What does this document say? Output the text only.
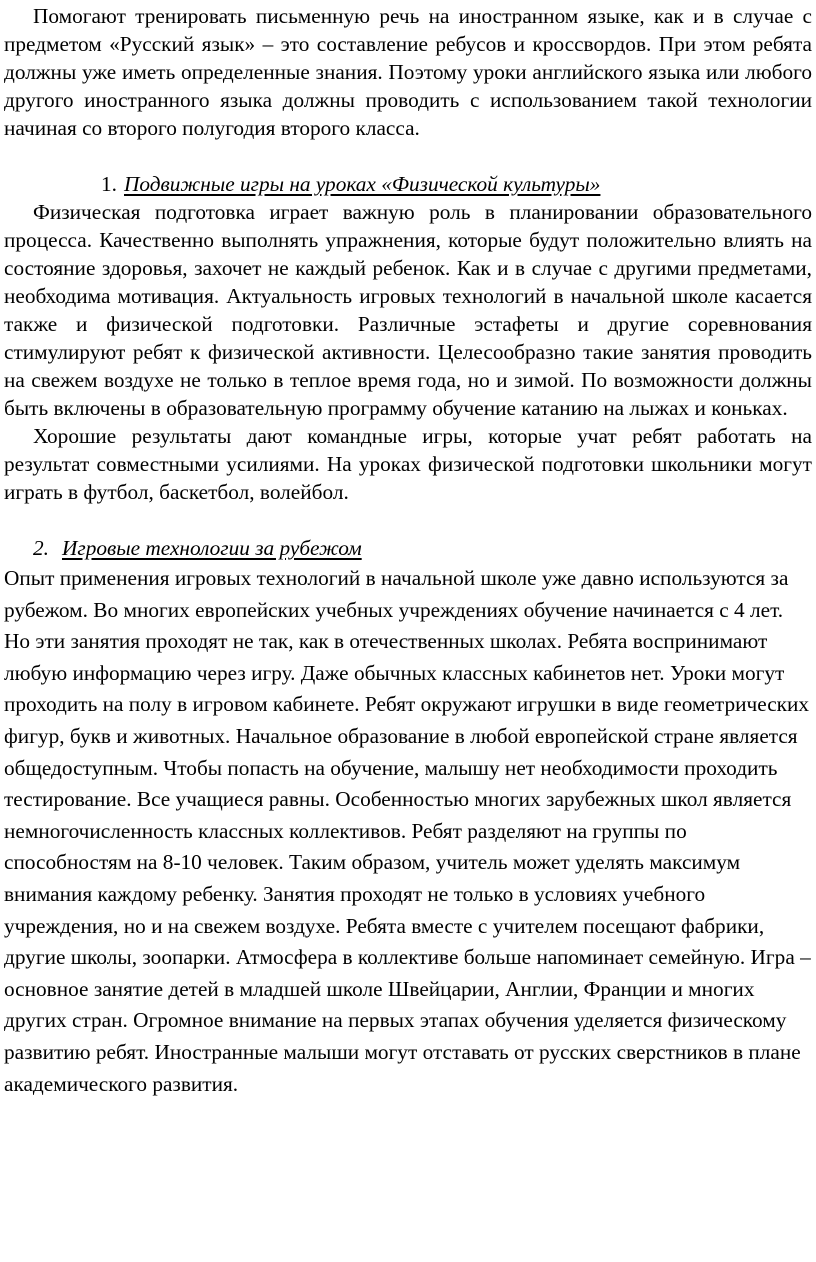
Помогают тренировать письменную речь на иностранном языке, как и в случае с предметом «Русский язык» – это составление ребусов и кроссвордов. При этом ребята должны уже иметь определенные знания. Поэтому уроки английского языка или любого другого иностранного языка должны проводить с использованием такой технологии начиная со второго полугодия второго класса.

1. Подвижные игры на уроках «Физической культуры»

Физическая подготовка играет важную роль в планировании образовательного процесса. Качественно выполнять упражнения, которые будут положительно влиять на состояние здоровья, захочет не каждый ребенок. Как и в случае с другими предметами, необходима мотивация. Актуальность игровых технологий в начальной школе касается также и физической подготовки. Различные эстафеты и другие соревнования стимулируют ребят к физической активности. Целесообразно такие занятия проводить на свежем воздухе не только в теплое время года, но и зимой. По возможности должны быть включены в образовательную программу обучение катанию на лыжах и коньках.

Хорошие результаты дают командные игры, которые учат ребят работать на результат совместными усилиями. На уроках физической подготовки школьники могут играть в футбол, баскетбол, волейбол.

2. Игровые технологии за рубежом

Опыт применения игровых технологий в начальной школе уже давно используются за рубежом. Во многих европейских учебных учреждениях обучение начинается с 4 лет. Но эти занятия проходят не так, как в отечественных школах. Ребята воспринимают любую информацию через игру. Даже обычных классных кабинетов нет. Уроки могут проходить на полу в игровом кабинете. Ребят окружают игрушки в виде геометрических фигур, букв и животных. Начальное образование в любой европейской стране является общедоступным. Чтобы попасть на обучение, малышу нет необходимости проходить тестирование. Все учащиеся равны. Особенностью многих зарубежных школ является немногочисленность классных коллективов. Ребят разделяют на группы по способностям на 8-10 человек. Таким образом, учитель может уделять максимум внимания каждому ребенку. Занятия проходят не только в условиях учебного учреждения, но и на свежем воздухе. Ребята вместе с учителем посещают фабрики, другие школы, зоопарки. Атмосфера в коллективе больше напоминает семейную. Игра – основное занятие детей в младшей школе Швейцарии, Англии, Франции и многих других стран. Огромное внимание на первых этапах обучения уделяется физическому развитию ребят. Иностранные малыши могут отставать от русских сверстников в плане академического развития.
